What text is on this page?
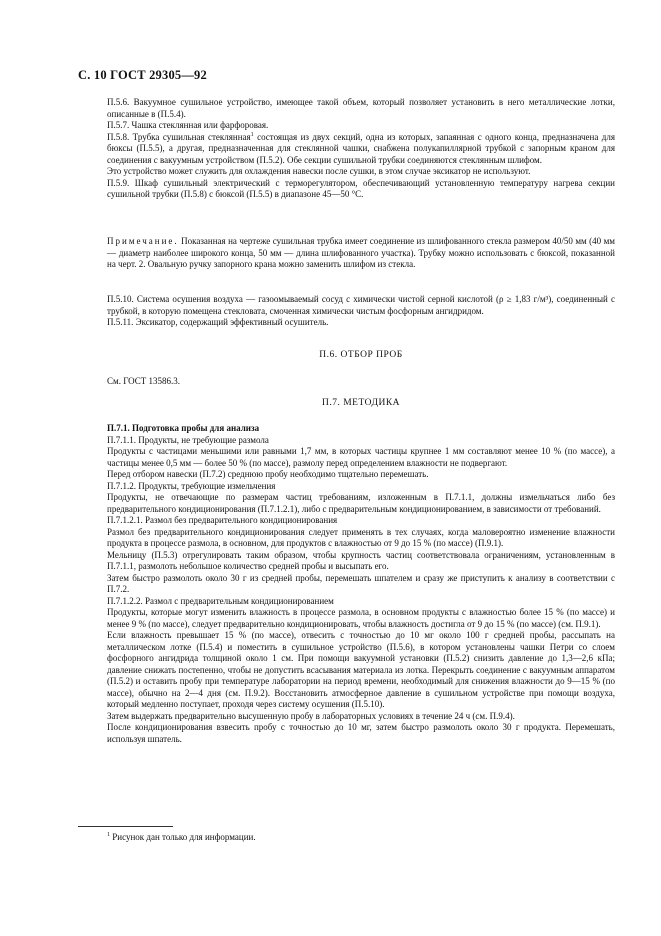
С. 10 ГОСТ 29305—92

П.5.6. Вакуумное сушильное устройство, имеющее такой объем, который позволяет установить в него металлические лотки, описанные в (П.5.4).

П.5.7. Чашка стеклянная или фарфоровая.

П.5.8. Трубка сушильная стеклянная$^1$ состоящая из двух секций, одна из которых, запаянная с одного конца, предназначена для бюксы (П.5.5), а другая, предназначенная для стеклянной чашки, снабжена полукапиллярной трубкой с запорным краном для соединения с вакуумным устройством (П.5.2). Обе секции сушильной трубки соединяются стеклянным шлифом.

Это устройство может служить для охлаждения навески после сушки, в этом случае эксикатор не используют.

П.5.9. Шкаф сушильный электрический с терморегулятором, обеспечивающий установленную температуру нагрева секции сушильной трубки (П.5.8) с бюксой (П.5.5) в диапазоне 45—50 °С.

Примечание. Показанная на чертеже сушильная трубка имеет соединение из шлифованного стекла размером 40/50 мм (40 мм — диаметр наиболее широкого конца, 50 мм — длина шлифованного участка). Трубку можно использовать с бюксой, показанной на черт. 2. Овальную ручку запорного крана можно заменить шлифом из стекла.

П.5.10. Система осушения воздуха — газоомываемый сосуд с химически чистой серной кислотой (ρ ≥ 1,83 г/м³), соединенный с трубкой, в которую помещена стекловата, смоченная химически чистым фосфорным ангидридом.

П.5.11. Эксикатор, содержащий эффективный осушитель.

П.6. ОТБОР ПРОБ

См. ГОСТ 13586.3.

П.7. МЕТОДИКА

П.7.1. Подготовка пробы для анализа

П.7.1.1. Продукты, не требующие размола

Продукты с частицами меньшими или равными 1,7 мм, в которых частицы крупнее 1 мм составляют менее 10 % (по массе), а частицы менее 0,5 мм — более 50 % (по массе), размолу перед определением влажности не подвергают.

Перед отбором навески (П.7.2) среднюю пробу необходимо тщательно перемешать.

П.7.1.2. Продукты, требующие измельчения

Продукты, не отвечающие по размерам частиц требованиям, изложенным в П.7.1.1, должны измельчаться либо без предварительного кондиционирования (П.7.1.2.1), либо с предварительным кондиционированием, в зависимости от требований.

П.7.1.2.1. Размол без предварительного кондиционирования

Размол без предварительного кондиционирования следует применять в тех случаях, когда маловероятно изменение влажности продукта в процессе размола, в основном, для продуктов с влажностью от 9 до 15 % (по массе) (П.9.1).

Мельницу (П.5.3) отрегулировать таким образом, чтобы крупность частиц соответствовала ограничениям, установленным в П.7.1.1, размолоть небольшое количество средней пробы и высыпать его.

Затем быстро размолоть около 30 г из средней пробы, перемешать шпателем и сразу же приступить к анализу в соответствии с П.7.2.

П.7.1.2.2. Размол с предварительным кондиционированием

Продукты, которые могут изменить влажность в процессе размола, в основном продукты с влажностью более 15 % (по массе) и менее 9 % (по массе), следует предварительно кондиционировать, чтобы влажность достигла от 9 до 15 % (по массе) (см. П.9.1).

Если влажность превышает 15 % (по массе), отвесить с точностью до 10 мг около 100 г средней пробы, рассыпать на металлическом лотке (П.5.4) и поместить в сушильное устройство (П.5.6), в котором установлены чашки Петри со слоем фосфорного ангидрида толщиной около 1 см. При помощи вакуумной установки (П.5.2) снизить давление до 1,3—2,6 кПа; давление снижать постепенно, чтобы не допустить всасывания материала из лотка. Перекрыть соединение с вакуумным аппаратом (П.5.2) и оставить пробу при температуре лаборатории на период времени, необходимый для снижения влажности до 9—15 % (по массе), обычно на 2—4 дня (см. П.9.2). Восстановить атмосферное давление в сушильном устройстве при помощи воздуха, который медленно поступает, проходя через систему осушения (П.5.10).

Затем выдержать предварительно высушенную пробу в лабораторных условиях в течение 24 ч (см. П.9.4).

После кондиционирования взвесить пробу с точностью до 10 мг, затем быстро размолоть около 30 г продукта. Перемешать, используя шпатель.

$^1$ Рисунок дан только для информации.
